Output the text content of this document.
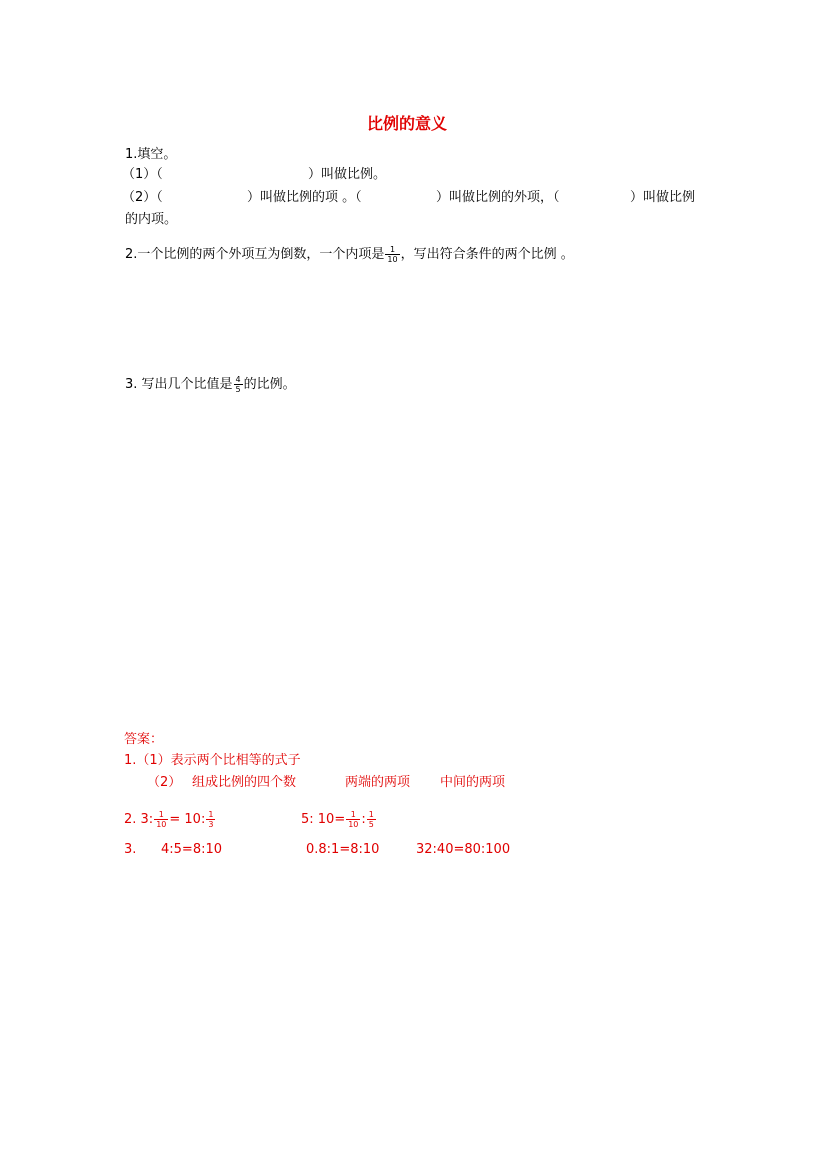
比例的意义
1.填空。
（1）（	）叫做比例。
（2）（	）叫做比例的项 。（	）叫做比例的外项，（	）叫做比例
的内项。
2.一个比例的两个外项互为倒数，一个内项是 $\frac{1}{10}$ ，写出符合条件的两个比例 。
3. 写出几个比值是 $\frac{4}{5}$ 的比例。
答案：
1.（1）表示两个比相等的式子
（2） 组成比例的四个数	两端的两项 中间的两项
2. 3: $\frac{1}{10} = 10$: $\frac{1}{3}$	5: $10= \frac{1}{10}$ : $\frac{1}{5}$
3. 4:5=8:10	0.8:1=8:10	32:40=80:100
